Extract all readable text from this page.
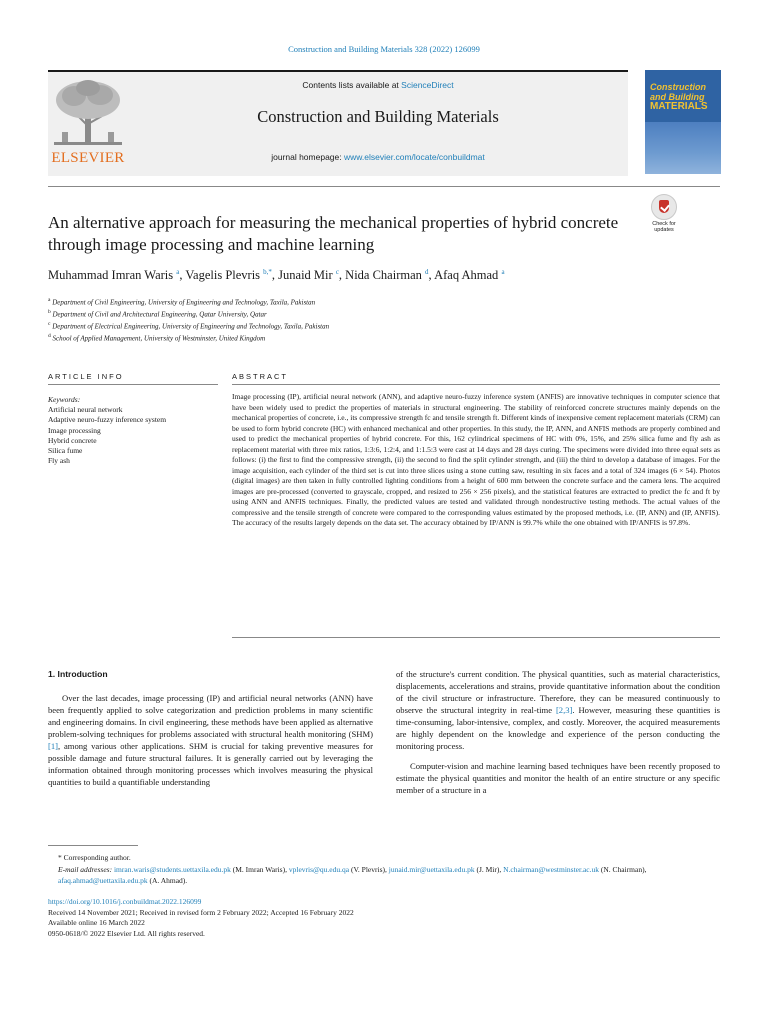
Construction and Building Materials 328 (2022) 126099
ELSEVIER
Contents lists available at ScienceDirect
Construction and Building Materials
journal homepage: www.elsevier.com/locate/conbuildmat
Construction
and Building
MATERIALS
An alternative approach for measuring the mechanical properties of hybrid concrete through image processing and machine learning
Check for updates
Muhammad Imran Waris $^a$, Vagelis Plevris $^{b,*}$, Junaid Mir $^c$, Nida Chairman $^d$, Afaq Ahmad $^a$
$^a$ Department of Civil Engineering, University of Engineering and Technology, Taxila, Pakistan
$^b$ Department of Civil and Architectural Engineering, Qatar University, Qatar
$^c$ Department of Electrical Engineering, University of Engineering and Technology, Taxila, Pakistan
$^d$ School of Applied Management, University of Westminster, United Kingdom
ARTICLE INFO	ABSTRACT
Keywords:
Artificial neural network
Adaptive neuro-fuzzy inference system
Image processing
Hybrid concrete
Silica fume
Fly ash
Image processing (IP), artificial neural network (ANN), and adaptive neuro-fuzzy inference system (ANFIS) are innovative techniques in computer science that have been widely used to predict the properties of materials in structural engineering. The stability of reinforced concrete structures mainly depends on the mechanical properties of concrete, i.e., its compressive strength fc and tensile strength ft. Different kinds of inexpensive cement replacement materials (CRM) can be used to form hybrid concrete (HC) with enhanced mechanical and other properties. In this study, the IP, ANN, and ANFIS methods are properly combined and used to predict the mechanical properties of hybrid concrete. For this, 162 cylindrical specimens of HC with 0%, 15%, and 25% silica fume and fly ash as replacement material with three mix ratios, 1:3:6, 1:2:4, and 1:1.5:3 were cast at 14 days and 28 days curing. The specimens were divided into three equal sets as follows: (i) the first to find the compressive strength, (ii) the second to find the split cylinder strength, and (iii) the third to develop a database of images. For the image acquisition, each cylinder of the third set is cut into three slices using a stone cutting saw, resulting in six faces and a total of 324 images (6 × 54). Photos (digital images) are then taken in fully controlled lighting conditions from a height of 600 mm between the concrete surface and the camera lens. The acquired images are pre-processed (converted to grayscale, cropped, and resized to 256 × 256 pixels), and the statistical features are extracted to predict the fc and ft by using ANN and ANFIS techniques. Finally, the predicted values are tested and validated through nondestructive testing methods. The actual values of the compressive and the tensile strength of concrete were compared to the corresponding values estimated by the proposed methods, i.e. (IP, ANN) and (IP, ANFIS). The accuracy of the results largely depends on the data set. The accuracy obtained by IP/ANN is 99.7% while the one obtained with IP/ANFIS is 97.8%.
1. Introduction

Over the last decades, image processing (IP) and artificial neural networks (ANN) have been frequently applied to solve categorization and prediction problems in many scientific and engineering domains. In civil engineering, these methods have been applied as alternative problem-solving techniques for problems associated with structural health monitoring (SHM) [1], among various other applications. SHM is crucial for taking preventive measures for possible damage and future structural failures. It is generally carried out by leveraging the information obtained through monitoring processes which involves measuring the physical quantities to build a quantifiable understanding

of the structure's current condition. The physical quantities, such as material characteristics, displacements, accelerations and strains, provide quantitative information about the condition of the civil structure or infrastructure. Therefore, they can be measured continuously to observe the structural integrity in real-time [2,3]. However, measuring these quantities is time-consuming, labor-intensive, complex, and costly. Moreover, the acquired measurements are highly dependent on the knowledge and experience of the person conducting the monitoring process.

Computer-vision and machine learning based techniques have been recently proposed to estimate the physical quantities and monitor the health of an entire structure or any specific member of a structure in a

* Corresponding author.
E-mail addresses: imran.waris@students.uettaxila.edu.pk (M. Imran Waris), vplevris@qu.edu.qa (V. Plevris), junaid.mir@uettaxila.edu.pk (J. Mir), N.chairman@westminster.ac.uk (N. Chairman), afaq.ahmad@uettaxila.edu.pk (A. Ahmad).
https://doi.org/10.1016/j.conbuildmat.2022.126099
Received 14 November 2021; Received in revised form 2 February 2022; Accepted 16 February 2022
Available online 16 March 2022
0950-0618/© 2022 Elsevier Ltd. All rights reserved.
